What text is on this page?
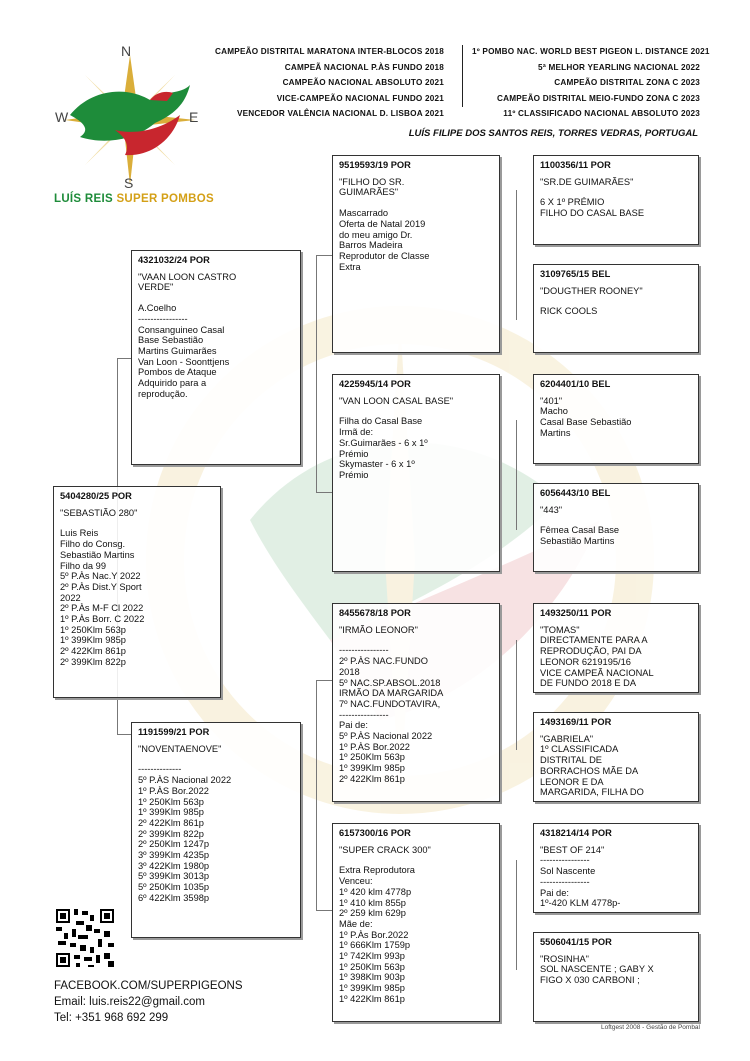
N
S
W	E
LUÍS REIS SUPER POMBOS
CAMPEÃO DISTRITAL MARATONA INTER-BLOCOS 2018
CAMPEÃ NACIONAL P.ÀS FUNDO 2018
CAMPEÃO NACIONAL ABSOLUTO 2021
VICE-CAMPEÃO NACIONAL FUNDO 2021
VENCEDOR VALÊNCIA NACIONAL D. LISBOA 2021
1º POMBO NAC. WORLD BEST PIGEON L. DISTANCE 2021
5ª MELHOR YEARLING NACIONAL 2022
CAMPEÃO DISTRITAL ZONA C 2023
CAMPEÃO DISTRITAL MEIO-FUNDO ZONA C 2023
11º CLASSIFICADO NACIONAL ABSOLUTO 2023
LUÍS FILIPE DOS SANTOS REIS, TORRES VEDRAS, PORTUGAL
5404280/25 POR
"SEBASTIÃO 280"
Luis Reis
Filho do Consg.
Sebastião Martins
Filho da 99
5º P.Às Nac.Y 2022
2º P.Às Dist.Y Sport
2022
2º P.Às M-F Cl 2022
1º P.Às Borr. C 2022
1º 250Klm 563p
1º 399Klm 985p
2º 422Klm 861p
2º 399Klm 822p
4321032/24 POR
"VAAN LOON CASTRO
VERDE"
A.Coelho
----------------
Consanguineo Casal
Base Sebastião
Martins Guimarães
Van Loon - Soonttjens
Pombos de Ataque
Adquirido para a
reprodução.
1191599/21 POR
"NOVENTAENOVE"
--------------
5º P.ÀS Nacional 2022
1º P.ÀS Bor.2022
1º 250Klm 563p
1º 399Klm 985p
2º 422Klm 861p
2º 399Klm 822p
2º 250Klm 1247p
3º 399Klm 4235p
3º 422Klm 1980p
5º 399Klm 3013p
5º 250Klm 1035p
6º 422Klm 3598p
9519593/19 POR
"FILHO DO SR.
GUIMARÃES"
Mascarrado
Oferta de Natal 2019
do meu amigo Dr.
Barros Madeira
Reprodutor de Classe
Extra
4225945/14 POR
"VAN LOON CASAL BASE"
Filha do Casal Base
Irmã de:
Sr.Guimarães - 6 x 1º
Prémio
Skymaster - 6 x 1º
Prémio
8455678/18 POR
"IRMÃO LEONOR"
----------------
2º P.ÀS NAC.FUNDO
2018
5º NAC.SP.ABSOL.2018
IRMÃO DA MARGARIDA
7º NAC.FUNDOTAVIRA,
----------------
Pai de:
5º P.ÀS Nacional 2022
1º P.ÀS Bor.2022
1º 250Klm 563p
1º 399Klm 985p
2º 422Klm 861p
6157300/16 POR
"SUPER CRACK 300"
Extra Reprodutora
Venceu:
1º 420 klm 4778p
1º 410 klm 855p
2º 259 klm 629p
Mãe de:
1º P.Às Bor.2022
1º 666Klm 1759p
1º 742Klm 993p
1º 250Klm 563p
1º 398Klm 903p
1º 399Klm 985p
1º 422Klm 861p
1100356/11 POR
"SR.DE GUIMARÃES"
6 X 1º PRÉMIO
FILHO DO CASAL BASE
3109765/15 BEL
"DOUGTHER ROONEY"
RICK COOLS
6204401/10 BEL
"401"
Macho
Casal Base Sebastião
Martins
6056443/10 BEL
"443"
Fêmea Casal Base
Sebastião Martins
1493250/11 POR
"TOMAS"
DIRECTAMENTE PARA A
REPRODUÇÃO, PAI DA
LEONOR 6219195/16
VICE CAMPEÃ NACIONAL
DE FUNDO 2018 E DA
1493169/11 POR
"GABRIELA"
1º CLASSIFICADA
DISTRITAL DE
BORRACHOS MÃE DA
LEONOR E DA
MARGARIDA, FILHA DO
4318214/14 POR
"BEST OF 214"
----------------
Sol Nascente
----------------
Pai de:
1º-420 KLM 4778p-
5506041/15 POR
"ROSINHA"
SOL NASCENTE ; GABY X
FIGO X 030 CARBONI ;
FACEBOOK.COM/SUPERPIGEONS
Email: luis.reis22@gmail.com
Tel: +351 968 692 299
Loftgest 2008 - Gestão de Pombal
